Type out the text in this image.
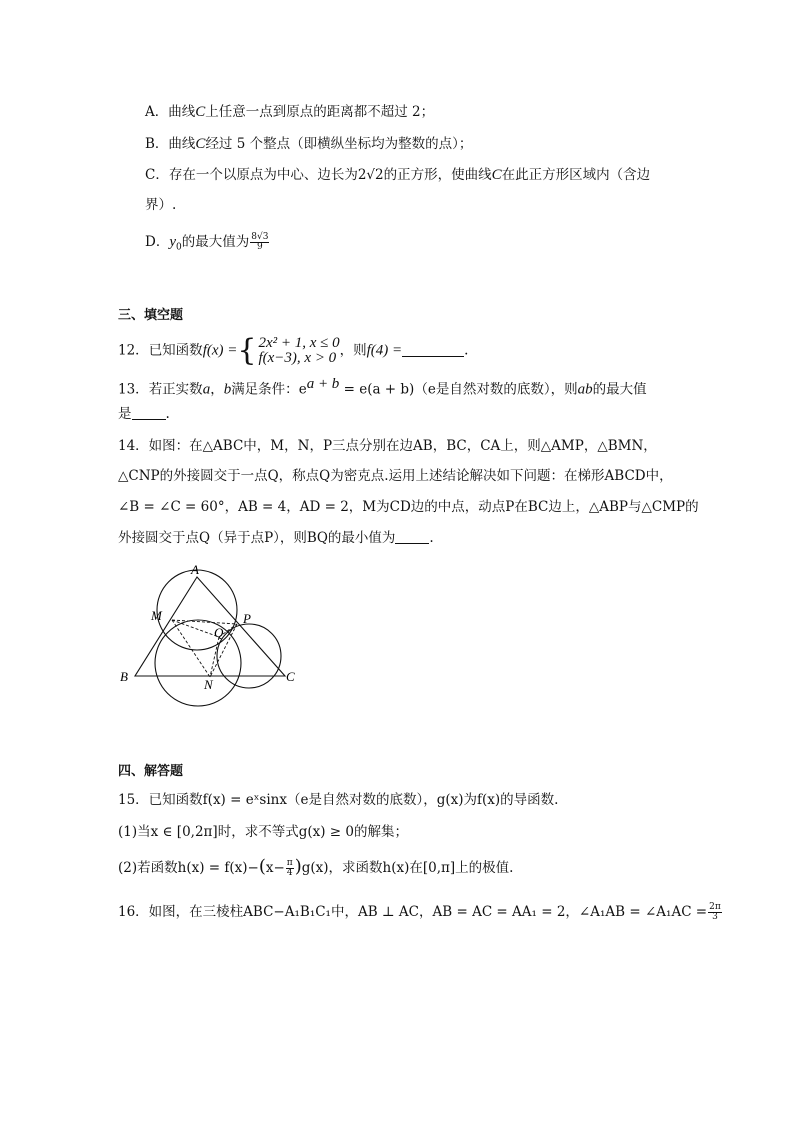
A．曲线C上任意一点到原点的距离都不超过 2；
B．曲线C经过 5 个整点（即横纵坐标均为整数的点）；
C．存在一个以原点为中心、边长为2√2的正方形，使曲线C在此正方形区域内（含边
界）.
D．$y_0$的最大值为 $\frac{8√3}{9}$
三、填空题
12．已知函数f(x) ={ 2x² + 1, x ≤ 0
f(x−3), x > 0 ，则f(4) =	.
13．若正实数a，b满足条件：$e^{a + b} = e(a + b)(e$是自然对数的底数），则ab的最大值
是	.
14．如图：在△ABC中，M，N，P三点分别在边AB，BC，CA上，则△AMP，△BMN，
△CNP的外接圆交于一点Q，称点Q为密克点.运用上述结论解决如下问题：在梯形ABCD中，
∠B = ∠C = 60°，AB = 4，AD = 2，M为CD边的中点，动点P在BC边上，△ABP与△CMP的
外接圆交于点Q（异于点P），则BQ的最小值为	.
A
B	C
M
N
P
Q
四、解答题
15．已知函数f(x) = eˣsinx（e是自然对数的底数），g(x)为f(x)的导函数.
(1)当x ∈ [0,2π]时，求不等式g(x) ≥ 0的解集；
(2)若函数$h(x) = f(x)-(x- \frac{\pi}{4} )g(x)$，求函数h(x)在[0,π]上的极值.
16．如图，在三棱柱ABC−A₁B₁C₁中，AB ⊥ AC，AB = AC = AA₁ = 2，∠A₁AB = ∠A₁AC = $\frac{2\pi}{3}$
